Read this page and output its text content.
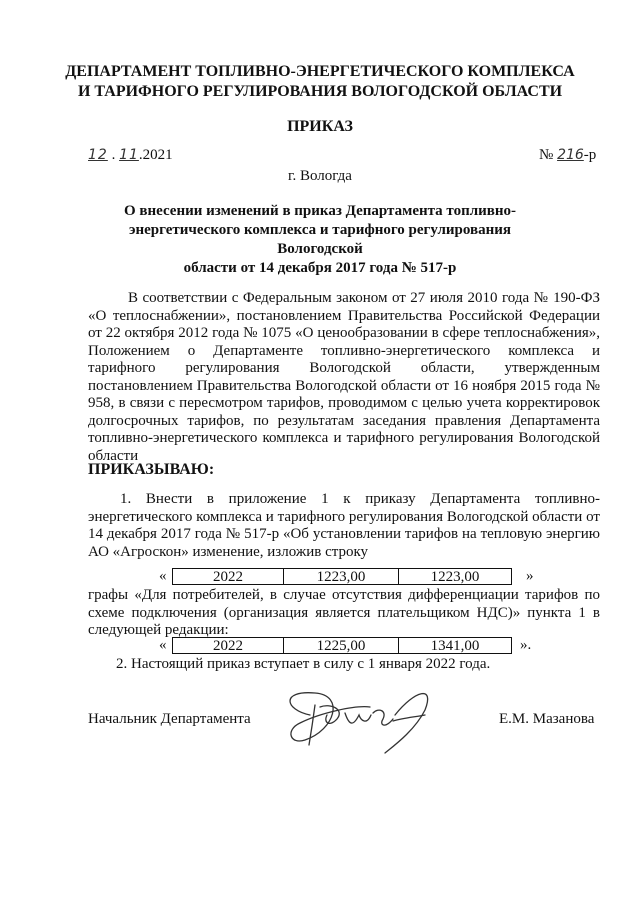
ДЕПАРТАМЕНТ ТОПЛИВНО-ЭНЕРГЕТИЧЕСКОГО КОМПЛЕКСА
И ТАРИФНОГО РЕГУЛИРОВАНИЯ ВОЛОГОДСКОЙ ОБЛАСТИ
ПРИКАЗ
12 . 11.2021	№ 216-р
г. Вологда
О внесении изменений в приказ Департамента топливно-
энергетического комплекса и тарифного регулирования Вологодской
области от 14 декабря 2017 года № 517-р
В соответствии с Федеральным законом от 27 июля 2010 года № 190-ФЗ «О теплоснабжении», постановлением Правительства Российской Федерации от 22 октября 2012 года № 1075 «О ценообразовании в сфере теплоснабжения», Положением о Департаменте топливно-энергетического комплекса и тарифного регулирования Вологодской области, утвержденным постановлением Правительства Вологодской области от 16 ноября 2015 года № 958, в связи с пересмотром тарифов, проводимом с целью учета корректировок долгосрочных тарифов, по результатам заседания правления Департамента топливно-энергетического комплекса и тарифного регулирования Вологодской области
ПРИКАЗЫВАЮ:
1. Внести в приложение 1 к приказу Департамента топливно-энергетического комплекса и тарифного регулирования Вологодской области от 14 декабря 2017 года № 517-р «Об установлении тарифов на тепловую энергию АО «Агроскон» изменение, изложив строку
«	2022	1223,00	1223,00	»
графы «Для потребителей, в случае отсутствия дифференциации тарифов по схеме подключения (организация является плательщиком НДС)» пункта 1 в следующей редакции:
«	2022	1225,00	1341,00	».
2. Настоящий приказ вступает в силу с 1 января 2022 года.
Начальник Департамента	Е.М. Мазанова
